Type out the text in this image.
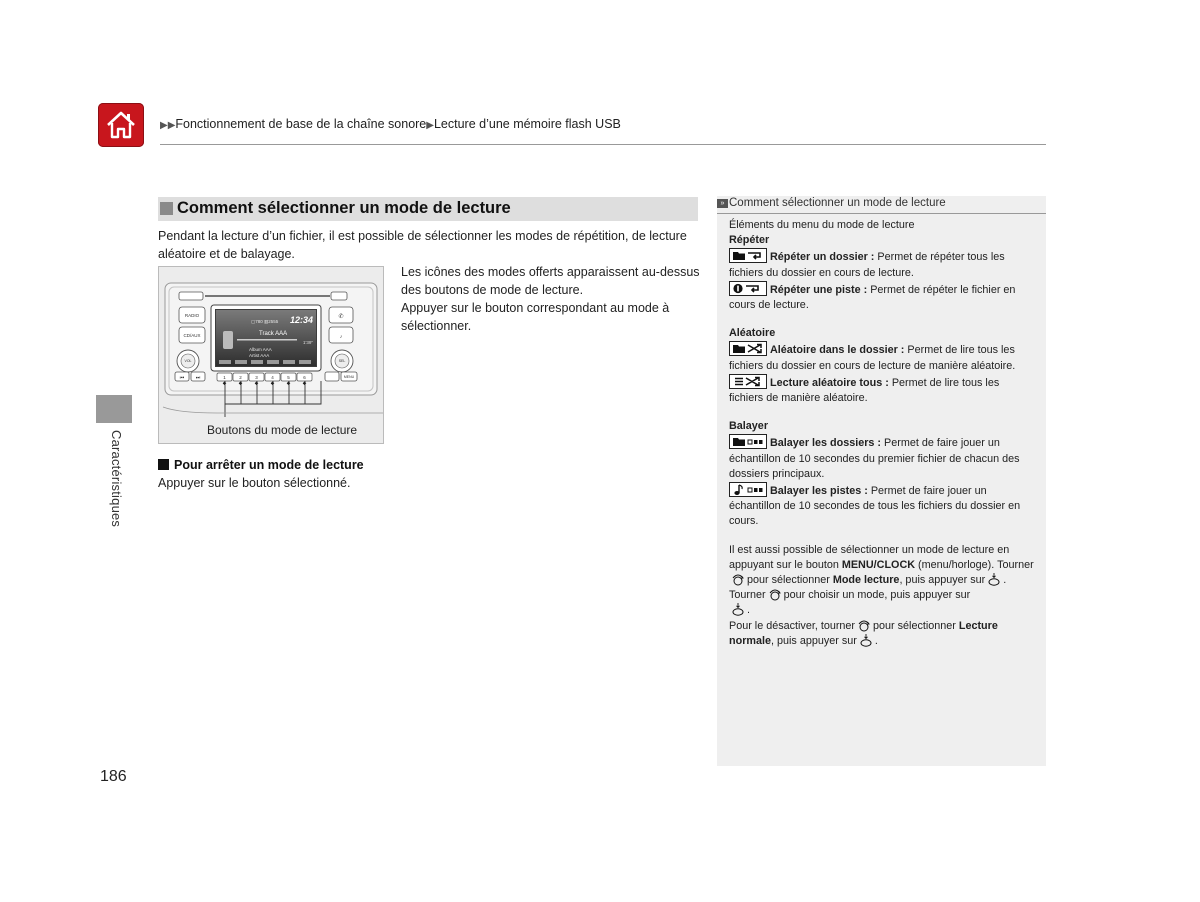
▶▶Fonctionnement de base de la chaîne sonore▶Lecture d’une mémoire flash USB
Caractéristiques
186
Comment sélectionner un mode de lecture
Pendant la lecture d’un fichier, il est possible de sélectionner les modes de répétition, de lecture aléatoire et de balayage.
RADIO
CD/AUX
VOL
⏮ ⏭
▢780 ▥2555 12:34
Track AAA
1'39"
Album AAA
Artist AAA
✆
♪
SEL
MENU
1	2	3	4	5	6
Boutons du mode de lecture
Les icônes des modes offerts apparaissent au-dessus des boutons de mode de lecture.
Appuyer sur le bouton correspondant au mode à sélectionner.
Pour arrêter un mode de lecture
Appuyer sur le bouton sélectionné.
» Comment sélectionner un mode de lecture

Éléments du menu du mode de lecture

Répéter

Répéter un dossier : Permet de répéter tous les fichiers du dossier en cours de lecture.

Répéter une piste : Permet de répéter le fichier en cours de lecture.

Aléatoire

Aléatoire dans le dossier : Permet de lire tous les fichiers du dossier en cours de lecture de manière aléatoire.

Lecture aléatoire tous : Permet de lire tous les fichiers de manière aléatoire.

Balayer

Balayer les dossiers : Permet de faire jouer un échantillon de 10 secondes du premier fichier de chacun des dossiers principaux.

Balayer les pistes : Permet de faire jouer un échantillon de 10 secondes de tous les fichiers du dossier en cours.

Il est aussi possible de sélectionner un mode de lecture en appuyant sur le bouton MENU/CLOCK (menu/horloge). Tournerpour sélectionner Mode lecture, puis appuyer sur . Tourner pour choisir un mode, puis appuyer sur
.

Pour le désactiver, tourner pour sélectionner Lecture normale, puis appuyer sur .
